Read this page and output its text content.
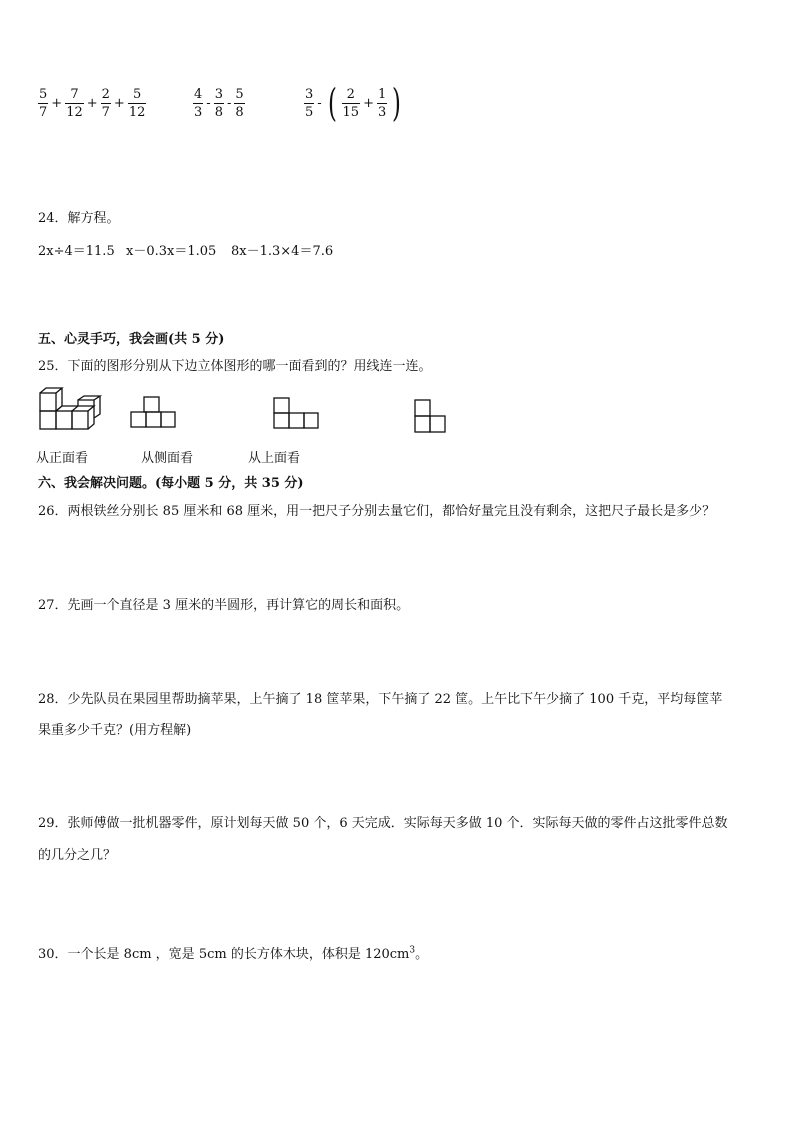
$\frac{5}{7} + \frac{7}{12} + \frac{2}{7} + \frac{5}{12}$	$\frac{4}{3} - \frac{3}{8} - \frac{5}{8}$	$\frac{3}{5}$ - ( $\frac{2}{15} + \frac{1}{3}$ )
24．解方程。
2x÷4＝11.5 x－0.3x＝1.05 8x－1.3×4＝7.6
五、心灵手巧，我会画(共 5 分)
25．下面的图形分别从下边立体图形的哪一面看到的？用线连一连。
从正面看	从侧面看	从上面看
六、我会解决问题。(每小题 5 分，共 35 分)
26．两根铁丝分别长 85 厘米和 68 厘米，用一把尺子分别去量它们，都恰好量完且没有剩余，这把尺子最长是多少？
27．先画一个直径是 3 厘米的半圆形，再计算它的周长和面积。
28．少先队员在果园里帮助摘苹果，上午摘了 18 筐苹果，下午摘了 22 筐。上午比下午少摘了 100 千克，平均每筐苹
果重多少千克？(用方程解)
29．张师傅做一批机器零件，原计划每天做 50 个，6 天完成．实际每天多做 10 个．实际每天做的零件占这批零件总数
的几分之几？
30．一个长是 8cm ，宽是 5cm 的长方体木块，体积是 $120cm^3$。
